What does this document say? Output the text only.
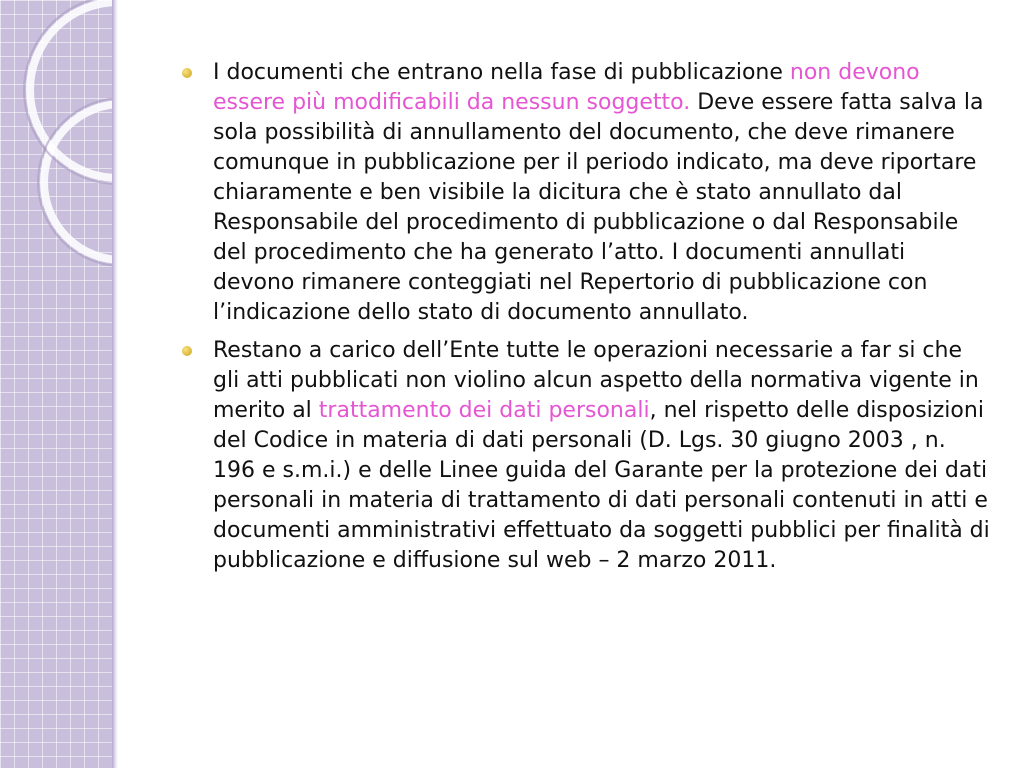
I documenti che entrano nella fase di pubblicazione non devono essere più modificabili da nessun soggetto. Deve essere fatta salva la sola possibilità di annullamento del documento, che deve rimanere comunque in pubblicazione per il periodo indicato, ma deve riportare chiaramente e ben visibile la dicitura che è stato annullato dal Responsabile del procedimento di pubblicazione o dal Responsabile del procedimento che ha generato l’atto. I documenti annullati devono rimanere conteggiati nel Repertorio di pubblicazione con l’indicazione dello stato di documento annullato.
Restano a carico dell’Ente tutte le operazioni necessarie a far si che gli atti pubblicati non violino alcun aspetto della normativa vigente in merito al trattamento dei dati personali, nel rispetto delle disposizioni del Codice in materia di dati personali (D. Lgs. 30 giugno 2003 , n. 196 e s.m.i.) e delle Linee guida del Garante per la protezione dei dati personali in materia di trattamento di dati personali contenuti in atti e documenti amministrativi effettuato da soggetti pubblici per finalità di pubblicazione e diffusione sul web – 2 marzo 2011.
